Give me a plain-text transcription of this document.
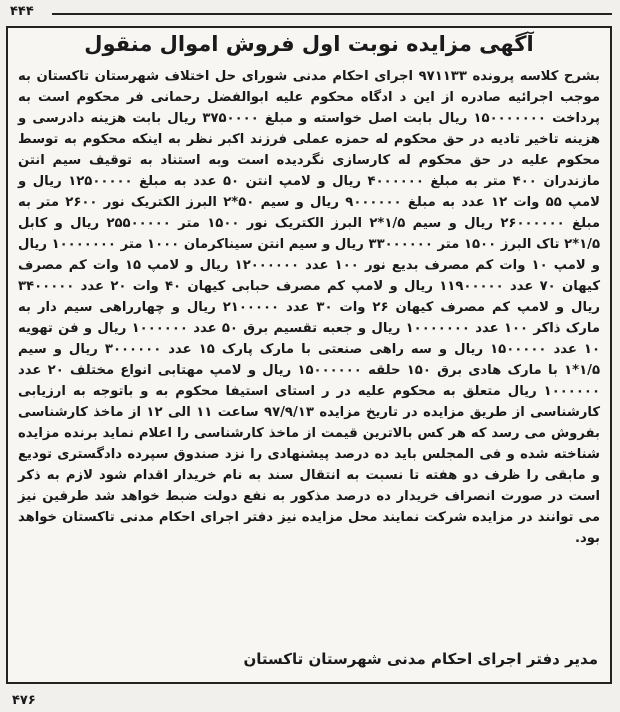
۴۴۴
آگهی مزایده نوبت اول فروش اموال منقول
بشرح کلاسه پرونده ۹۷۱۱۳۳ اجرای احکام مدنی شورای حل اختلاف شهرستان تاکستان به موجب اجرائیه صادره از این د ادگاه محکوم علیه ابوالفضل رحمانی فر محکوم است به پرداخت ۱۵۰۰۰۰۰۰۰ ریال بابت اصل خواسته و مبلغ ۳۷۵۰۰۰۰ ریال بابت هزینه دادرسی و هزینه تاخیر تادیه در حق محکوم له حمزه عملی فرزند اکبر نظر به اینکه محکوم به توسط محکوم علیه در حق محکوم له کارسازی نگردیده است وبه استناد به توقیف سیم انتن مازندران ۴۰۰ متر به مبلغ ۴۰۰۰۰۰۰ ریال و لامپ انتن ۵۰ عدد به مبلغ ۱۲۵۰۰۰۰۰ ریال و لامپ ۵۵ وات ۱۲ عدد به مبلغ ۹۰۰۰۰۰۰ ریال و سیم ۵۰*۲ البرز الکتریک نور ۲۶۰۰ متر به مبلغ ۲۶۰۰۰۰۰۰ ریال و سیم ۱/۵*۲ البرز الکتریک نور ۱۵۰۰ متر ۲۵۵۰۰۰۰۰ ریال و کابل ۱/۵*۲ تاک البرز ۱۵۰۰ متر ۳۳۰۰۰۰۰۰ ریال و سیم انتن سیناکرمان ۱۰۰۰ متر ۱۰۰۰۰۰۰۰ ریال و لامپ ۱۰ وات کم مصرف بدیع نور ۱۰۰ عدد ۱۲۰۰۰۰۰۰ ریال و لامپ ۱۵ وات کم مصرف کیهان ۷۰ عدد ۱۱۹۰۰۰۰۰ ریال و لامپ کم مصرف حبابی کیهان ۴۰ وات ۲۰ عدد ۳۴۰۰۰۰۰ ریال و لامپ کم مصرف کیهان ۲۶ وات ۳۰ عدد ۲۱۰۰۰۰۰ ریال و چهارراهی سیم دار به مارک ذاکر ۱۰۰ عدد ۱۰۰۰۰۰۰۰ ریال و جعبه تقسیم برق ۵۰ عدد ۱۰۰۰۰۰۰ ریال و فن تهویه ۱۰ عدد ۱۵۰۰۰۰۰ ریال و سه راهی صنعتی با مارک پارک ۱۵ عدد ۳۰۰۰۰۰۰ ریال و سیم ۱/۵*۱ با مارک هادی برق ۱۵۰ حلقه ۱۵۰۰۰۰۰۰ ریال و لامپ مهتابی انواع مختلف ۲۰ عدد ۱۰۰۰۰۰۰ ریال متعلق به محکوم علیه در ر استای استیفا محکوم به و باتوجه به ارزیابی کارشناسی از طریق مزایده در تاریخ مزایده ۹۷/۹/۱۳ ساعت ۱۱ الی ۱۲ از ماخذ کارشناسی بفروش می رسد که هر کس بالاترین قیمت از ماخذ کارشناسی را اعلام نماید برنده مزایده شناخته شده و فی المجلس باید ده درصد پیشنهادی را نزد صندوق سپرده دادگستری تودیع و مابقی را ظرف دو هفته تا نسبت به انتقال سند به نام خریدار اقدام شود لازم به ذکر است در صورت انصراف خریدار ده درصد مذکور به نفع دولت ضبط خواهد شد طرفین نیز می توانند در مزایده شرکت نمایند محل مزایده نیز دفتر اجرای احکام مدنی تاکستان خواهد بود.
مدیر دفتر اجرای احکام مدنی شهرستان تاکستان
۴۷۶
